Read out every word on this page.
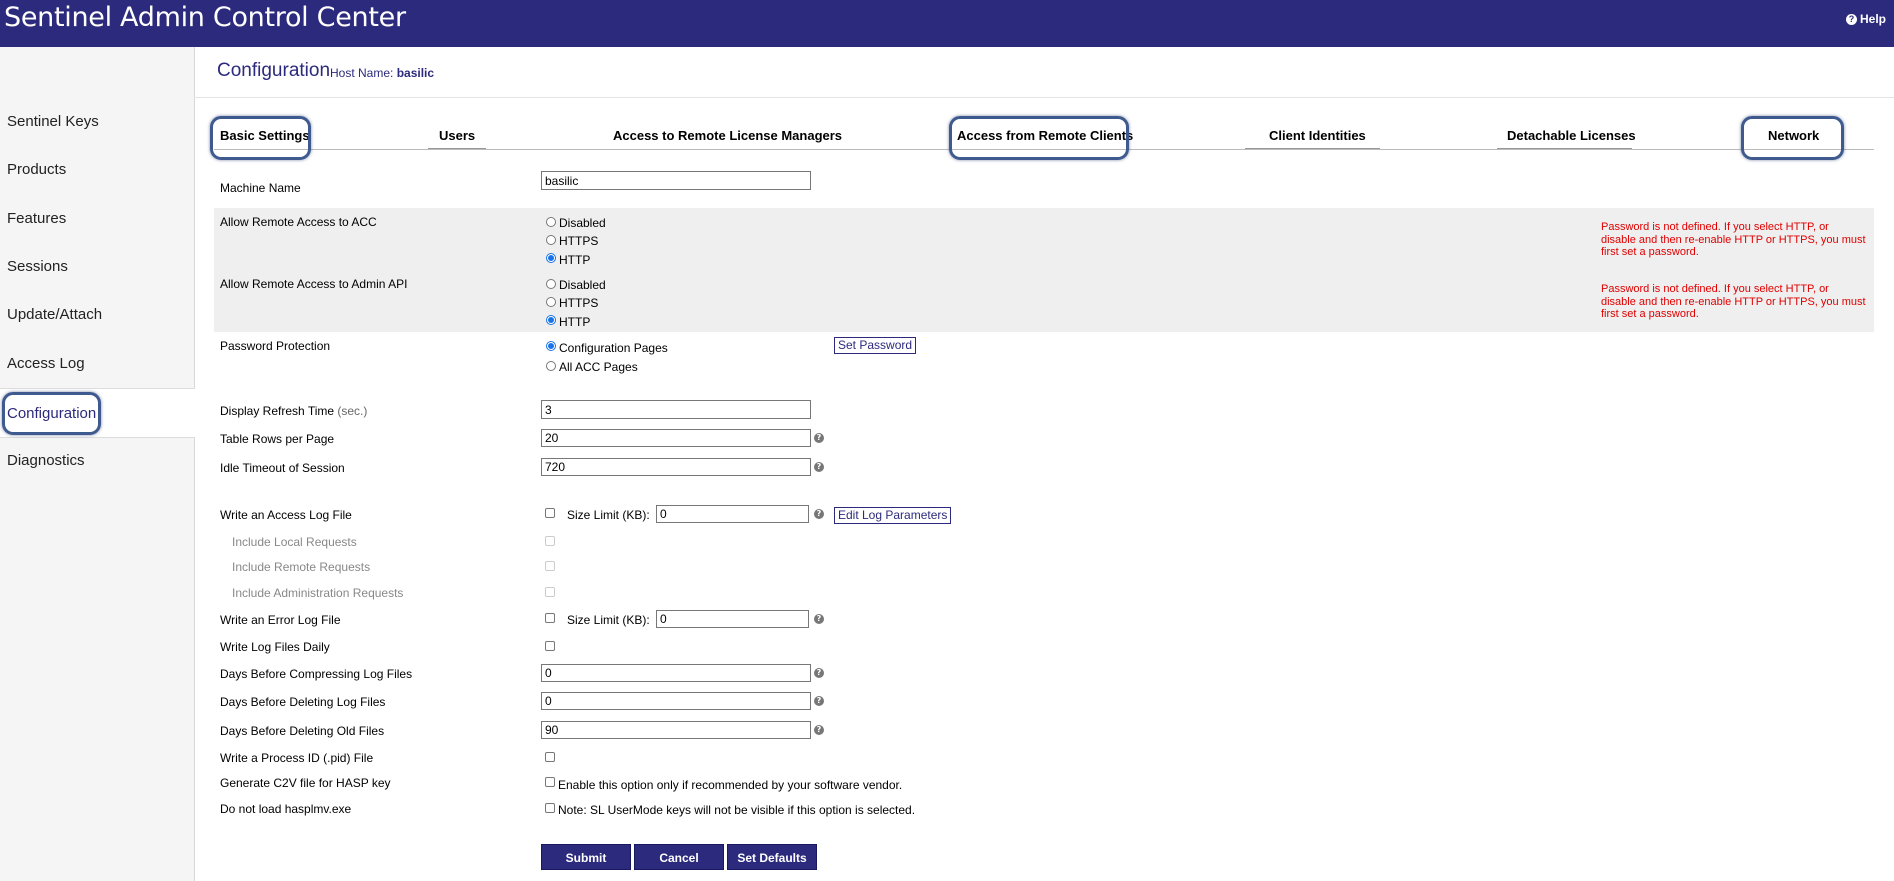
Sentinel Admin Control Center	? Help
Sentinel Keys
Products
Features
Sessions
Update/Attach
Access Log
Configuration
Diagnostics
Configuration Host Name: basilic
Basic Settings	Users	Access to Remote License Managers	Access from Remote Clients	Client Identities	Detachable Licenses	Network
Machine Name
basilic
Allow Remote Access to ACC	Disabled
HTTPS
HTTP
Password is not defined. If you select HTTP, or disable and then re-enable HTTP or HTTPS, you must first set a password.
Allow Remote Access to Admin API	Disabled
HTTPS
HTTP
Password is not defined. If you select HTTP, or disable and then re-enable HTTP or HTTPS, you must first set a password.
Password Protection	Configuration Pages
All ACC Pages
Set Password
Display Refresh Time (sec.)
3
Table Rows per Page
20	?
Idle Timeout of Session
720	?
Write an Access Log File	Size Limit (KB):
0	?	Edit Log Parameters
Include Local Requests
Include Remote Requests
Include Administration Requests
Write an Error Log File	Size Limit (KB):
0	?
Write Log Files Daily
Days Before Compressing Log Files
0	?
Days Before Deleting Log Files
0	?
Days Before Deleting Old Files
90	?
Write a Process ID (.pid) File
Generate C2V file for HASP key	Enable this option only if recommended by your software vendor.
Do not load hasplmv.exe	Note: SL UserMode keys will not be visible if this option is selected.
Submit	Cancel	Set Defaults
